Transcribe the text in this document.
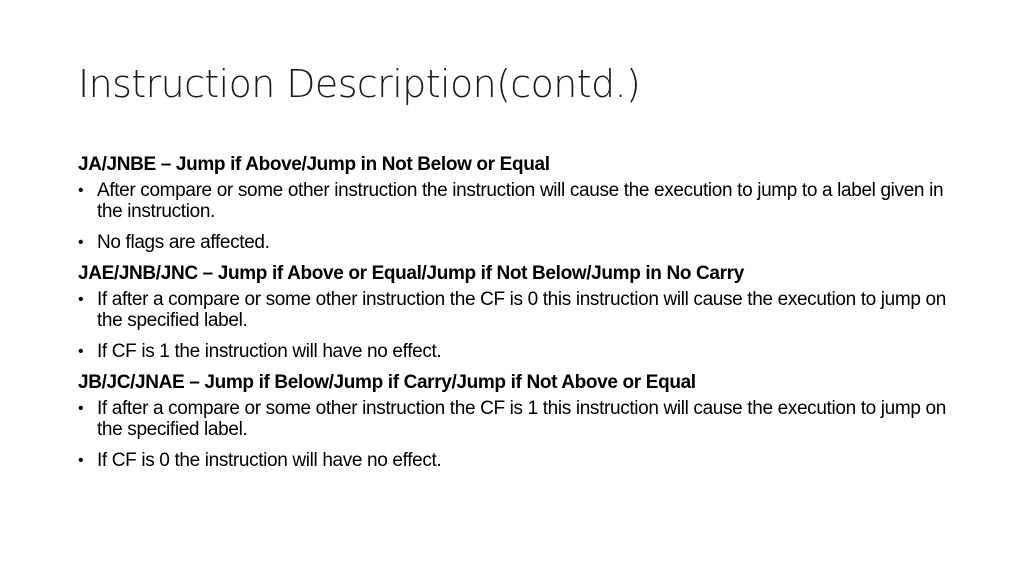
Instruction Description(contd.)
JA/JNBE – Jump if Above/Jump in Not Below or Equal
• After compare or some other instruction the instruction will cause the execution to jump to a label given in the instruction.
• No flags are affected.
JAE/JNB/JNC – Jump if Above or Equal/Jump if Not Below/Jump in No Carry
• If after a compare or some other instruction the CF is 0 this instruction will cause the execution to jump on the specified label.
• If CF is 1 the instruction will have no effect.
JB/JC/JNAE – Jump if Below/Jump if Carry/Jump if Not Above or Equal
• If after a compare or some other instruction the CF is 1 this instruction will cause the execution to jump on the specified label.
• If CF is 0 the instruction will have no effect.
